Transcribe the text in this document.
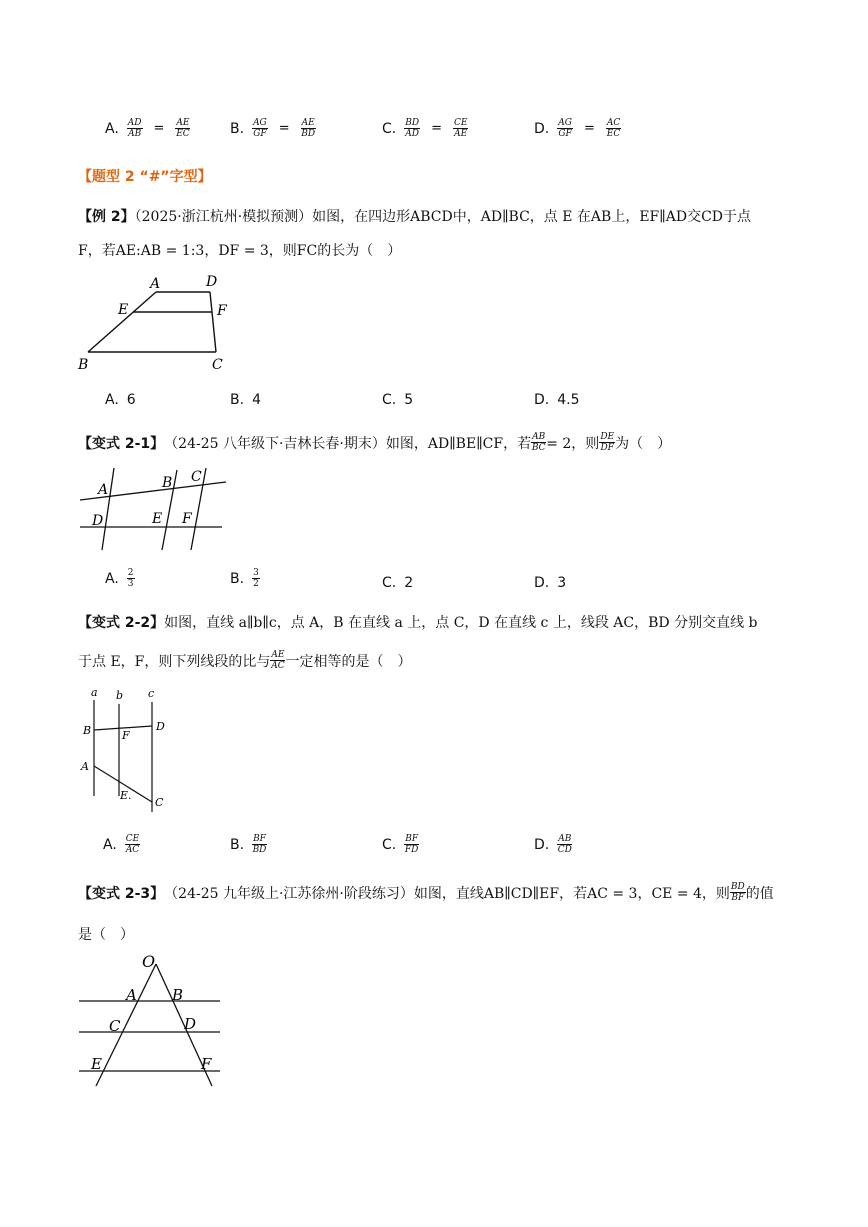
A. $\frac{AD}{AB} = \frac{AE}{EC}$	B. $\frac{AG}{GF} = \frac{AE}{BD}$	C. $\frac{BD}{AD} = \frac{CE}{AE}$	D. $\frac{AG}{GF} = \frac{AC}{EC}$
【题型 2 “#”字型】
【例 2】（2025·浙江杭州·模拟预测）如图，在四边形ABCD中，AD∥BC，点 E 在AB上，EF∥AD交CD于点
F，若AE:AB = 1:3，DF = 3，则FC的长为（　）
A	D
E	F
B	C
A. 6	B. 4	C. 5	D. 4.5
【变式 2-1】 （24-25 八年级下·吉林长春·期末）如图，AD∥BE∥CF，若 $\frac{AB}{BC} = 2$，则 $\frac{DE}{DF}$ 为（　）
A	B C
D	E F
A. $\frac{2}{3}$	B. $\frac{3}{2}$	C. 2	D. 3
【变式 2-2】如图，直线 a∥b∥c，点 A，B 在直线 a 上，点 C，D 在直线 c 上，线段 AC，BD 分别交直线 b
于点 E，F，则下列线段的比与 $\frac{AE}{AC}$ 一定相等的是（　）
a b c
B	D
F
A
E.
C
A. $\frac{CE}{AC}$	B. $\frac{BF}{BD}$	C. $\frac{BF}{FD}$	D. $\frac{AB}{CD}$
【变式 2-3】 （24-25 九年级上·江苏徐州·阶段练习）如图，直线AB∥CD∥EF，若AC = 3，CE = 4，则 $\frac{BD}{BF}$ 的值
是（　）
O
A B
C	D
E	F
